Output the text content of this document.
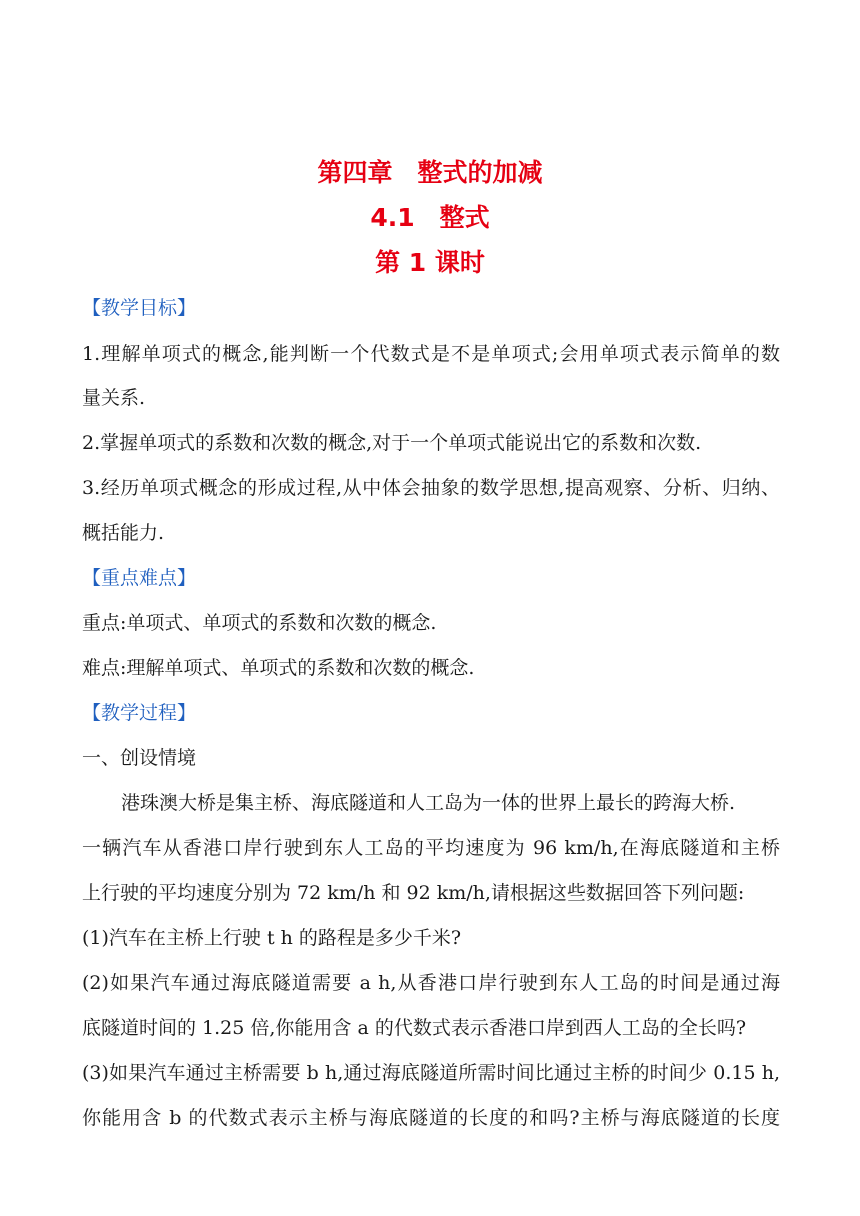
第四章　整式的加减
4.1　整式
第 1 课时
【教学目标】
1.理解单项式的概念,能判断一个代数式是不是单项式;会用单项式表示简单的数
量关系.
2.掌握单项式的系数和次数的概念,对于一个单项式能说出它的系数和次数.
3.经历单项式概念的形成过程,从中体会抽象的数学思想,提高观察、分析、归纳、
概括能力.
【重点难点】
重点:单项式、单项式的系数和次数的概念.
难点:理解单项式、单项式的系数和次数的概念.
【教学过程】
一、创设情境
港珠澳大桥是集主桥、海底隧道和人工岛为一体的世界上最长的跨海大桥.
一辆汽车从香港口岸行驶到东人工岛的平均速度为 96 km/h,在海底隧道和主桥
上行驶的平均速度分别为 72 km/h 和 92 km/h,请根据这些数据回答下列问题:
(1)汽车在主桥上行驶 t h 的路程是多少千米?
(2)如果汽车通过海底隧道需要 a h,从香港口岸行驶到东人工岛的时间是通过海
底隧道时间的 1.25 倍,你能用含 a 的代数式表示香港口岸到西人工岛的全长吗?
(3)如果汽车通过主桥需要 b h,通过海底隧道所需时间比通过主桥的时间少 0.15 h,
你能用含 b 的代数式表示主桥与海底隧道的长度的和吗?主桥与海底隧道的长度
